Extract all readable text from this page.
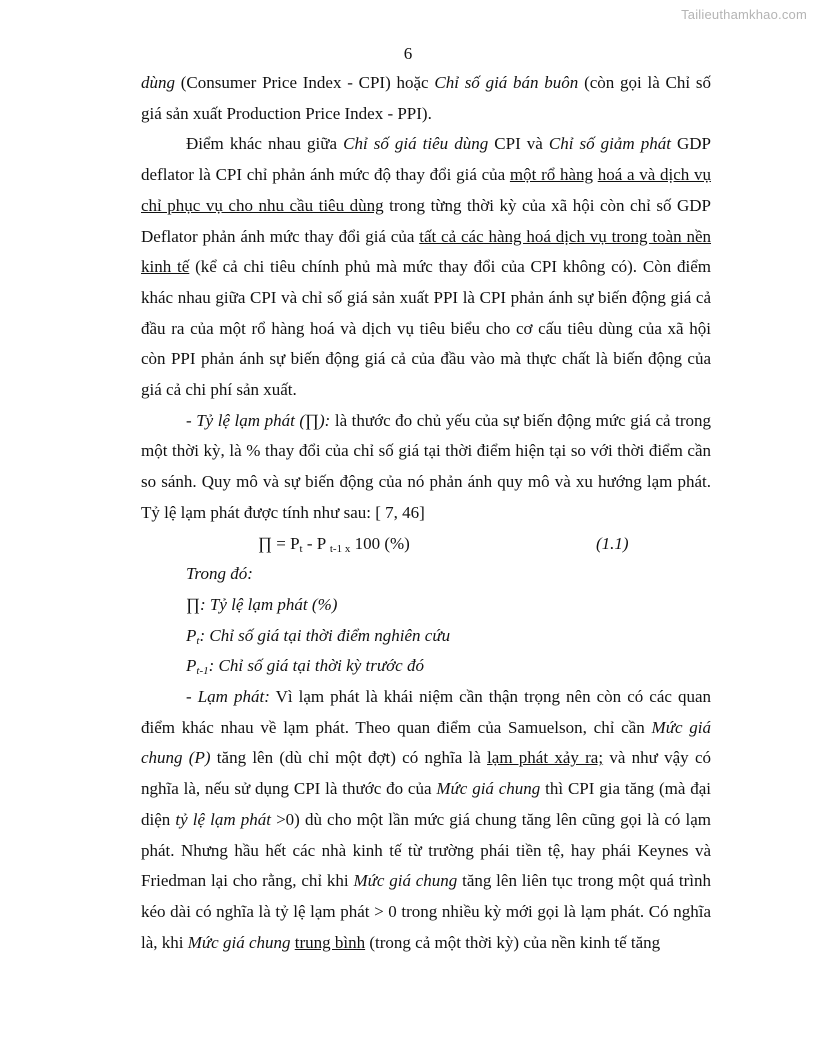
Tailieuthamkhao.com
6

dùng (Consumer Price Index - CPI) hoặc Chỉ số giá bán buôn (còn gọi là Chỉ số giá sản xuất Production Price Index - PPI).

Điểm khác nhau giữa Chỉ số giá tiêu dùng CPI và Chỉ số giảm phát GDP deflator là CPI chỉ phản ánh mức độ thay đổi giá của một rổ hàng hoá a và dịch vụ chỉ phục vụ cho nhu cầu tiêu dùng trong từng thời kỳ của xã hội còn chỉ số GDP Deflator phản ánh mức thay đổi giá của tất cả các hàng hoá dịch vụ trong toàn nền kinh tế (kể cả chi tiêu chính phủ mà mức thay đổi của CPI không có). Còn điểm khác nhau giữa CPI và chỉ số giá sản xuất PPI là CPI phản ánh sự biến động giá cả đầu ra của một rổ hàng hoá và dịch vụ tiêu biểu cho cơ cấu tiêu dùng của xã hội còn PPI phản ánh sự biến động giá cả của đầu vào mà thực chất là biến động của giá cả chi phí sản xuất.

- Tỷ lệ lạm phát (∏): là thước đo chủ yếu của sự biến động mức giá cả trong một thời kỳ, là % thay đổi của chỉ số giá tại thời điểm hiện tại so với thời điểm cần so sánh. Quy mô và sự biến động của nó phản ánh quy mô và xu hướng lạm phát. Tỷ lệ lạm phát được tính như sau: [ 7, 46]

∏ = $P_t$ - P $_{t-1 x}$ 100 (%)	(1.1)

Trong đó:

∏: Tỷ lệ lạm phát (%)

$P_t$: Chỉ số giá tại thời điểm nghiên cứu

$P_{t-1}$: Chỉ số giá tại thời kỳ trước đó

- Lạm phát: Vì lạm phát là khái niệm cần thận trọng nên còn có các quan điểm khác nhau về lạm phát. Theo quan điểm của Samuelson, chỉ cần Mức giá chung (P) tăng lên (dù chỉ một đợt) có nghĩa là lạm phát xảy ra; và như vậy có nghĩa là, nếu sử dụng CPI là thước đo của Mức giá chung thì CPI gia tăng (mà đại diện tỷ lệ lạm phát >0) dù cho một lần mức giá chung tăng lên cũng gọi là có lạm phát. Nhưng hầu hết các nhà kinh tế từ trường phái tiền tệ, hay phái Keynes và Friedman lại cho rằng, chỉ khi Mức giá chung tăng lên liên tục trong một quá trình kéo dài có nghĩa là tỷ lệ lạm phát > 0 trong nhiều kỳ mới gọi là lạm phát. Có nghĩa là, khi Mức giá chung trung bình (trong cả một thời kỳ) của nền kinh tế tăng
